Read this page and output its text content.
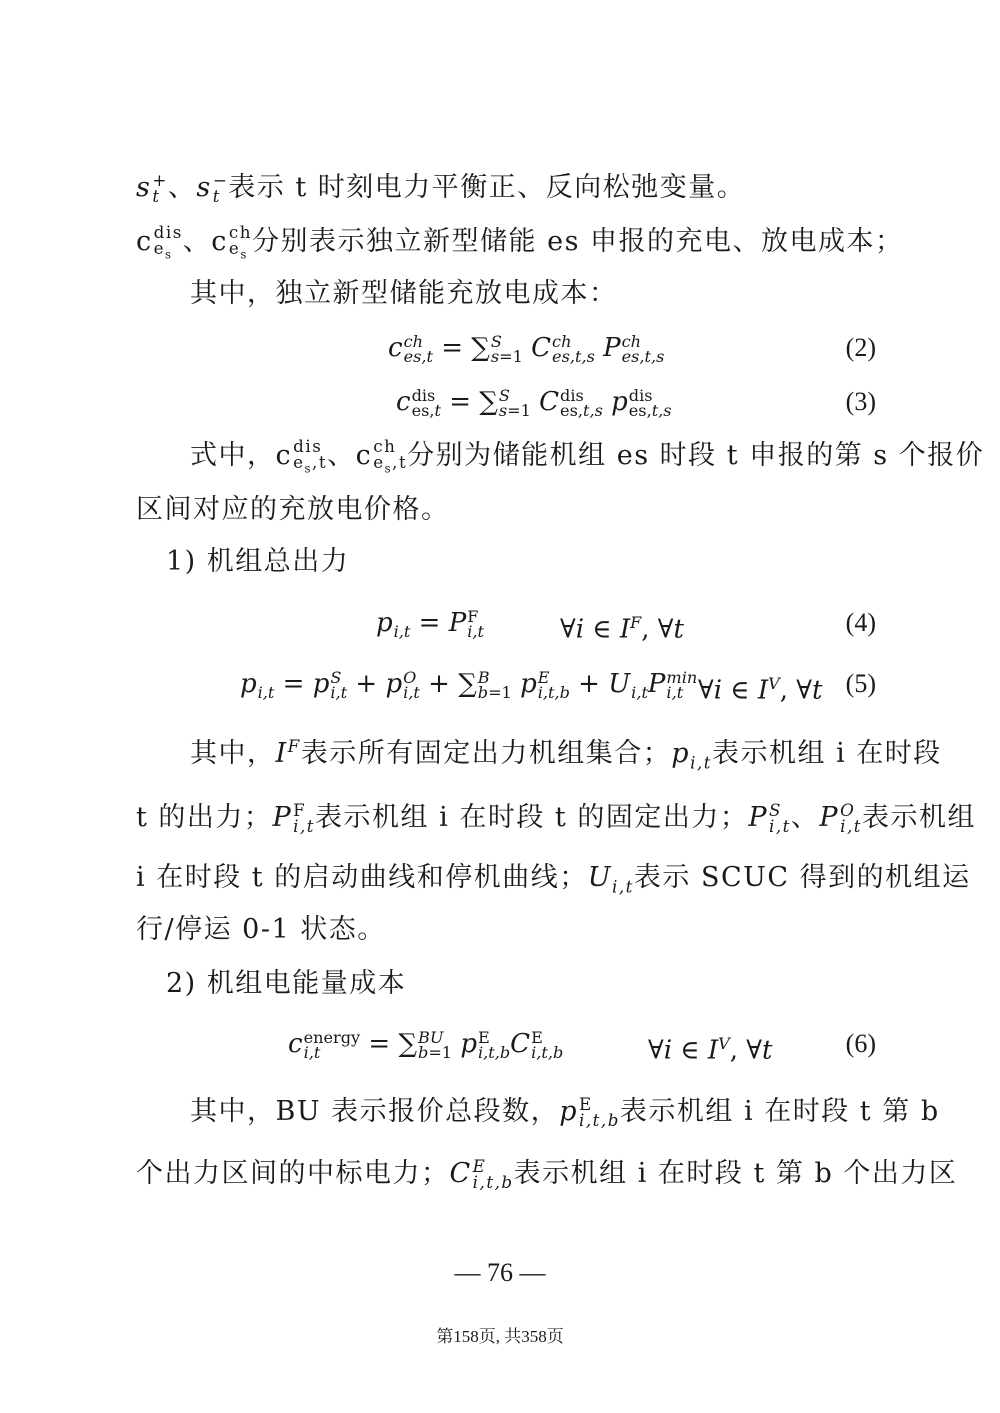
s +
t 、s −
t 表示 t 时刻电力平衡正、反向松弛变量。
c dis
$e_s$ 、c ch
$e_s$ 分别表示独立新型储能 es 申报的充电、放电成本；
其中，独立新型储能充放电成本：
c ch
es,t = ∑ S
s=1 C ch
es,t,s P ch
es,t,s	(2)
c dis
es,t = ∑ S
s=1 C dis
es,t,s p dis
es,t,s	(3)
式中，c dis
$e_s,t$ 、c ch
$e_s,t$ 分别为储能机组 es 时段 t 申报的第 s 个报价
区间对应的充放电价格。
1) 机组总出力
p
i,t = P F
i,t	∀i ∈ $I^F$, ∀t	(4)
p
i,t = p S
i,t + p O
i,t + ∑ B
b=1 p E
i,t,b + U
i,t P min
i,t ∀i ∈ $I^V$, ∀t (5)
其中，$I^F$表示所有固定出力机组集合；$p_{i,t}$表示机组 i 在时段
t 的出力；P F
i,t 表示机组 i 在时段 t 的固定出力；P S
i,t 、P O
i,t 表示机组
i 在时段 t 的启动曲线和停机曲线；$U_{i,t}$表示 SCUC 得到的机组运
行/停运 0-1 状态。
2) 机组电能量成本
c energy
i,t	= ∑ BU
b=1 p E
i,t,b C E
i,t,b	∀i ∈ $I^V$, ∀t	(6)
其中，BU 表示报价总段数，p E
i,t,b 表示机组 i 在时段 t 第 b
个出力区间的中标电力；C E
i,t,b 表示机组 i 在时段 t 第 b 个出力区
— 76 —
第158页, 共358页
